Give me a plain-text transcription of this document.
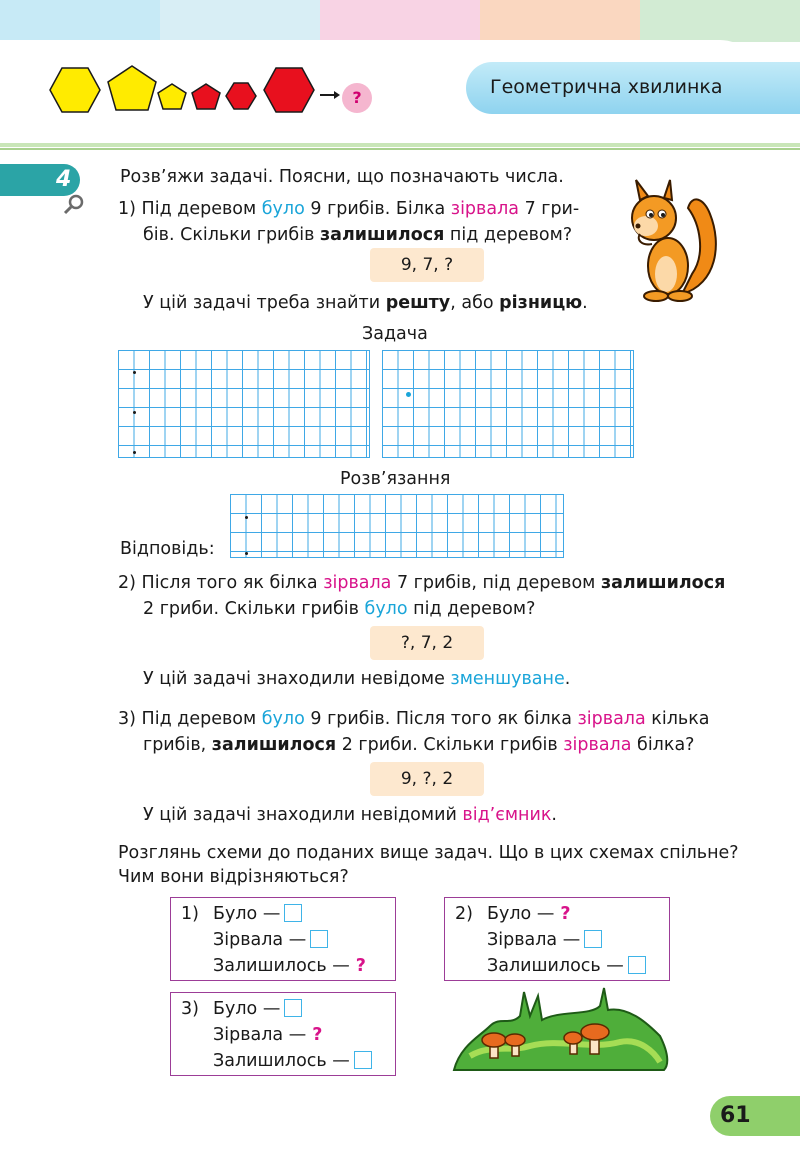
?	Геометрична хвилинка
4	Розв’яжи задачі. Поясни, що позначають числа.
1) Під деревом було 9 грибів. Білка зірвала 7 гри-
бів. Скільки грибів залишилося під деревом?
9, 7, ?
У цій задачі треба знайти решту, або різницю.
Задача
Розв’язання
Відповідь:
2) Після того як білка зірвала 7 грибів, під деревом залишилося
2 гриби. Скільки грибів було під деревом?
?, 7, 2
У цій задачі знаходили невідоме зменшуване.
3) Під деревом було 9 грибів. Після того як білка зірвала кілька
грибів, залишилося 2 гриби. Скільки грибів зірвала білка?
9, ?, 2
У цій задачі знаходили невідомий від’ємник.
Розглянь схеми до поданих вище задач. Що в цих схемах спільне?
Чим вони відрізняються?
1) Було —
Зірвала —
Залишилось — ?
2) Було — ?
Зірвала —
Залишилось —
3) Було —
Зірвала — ?
Залишилось —
61
